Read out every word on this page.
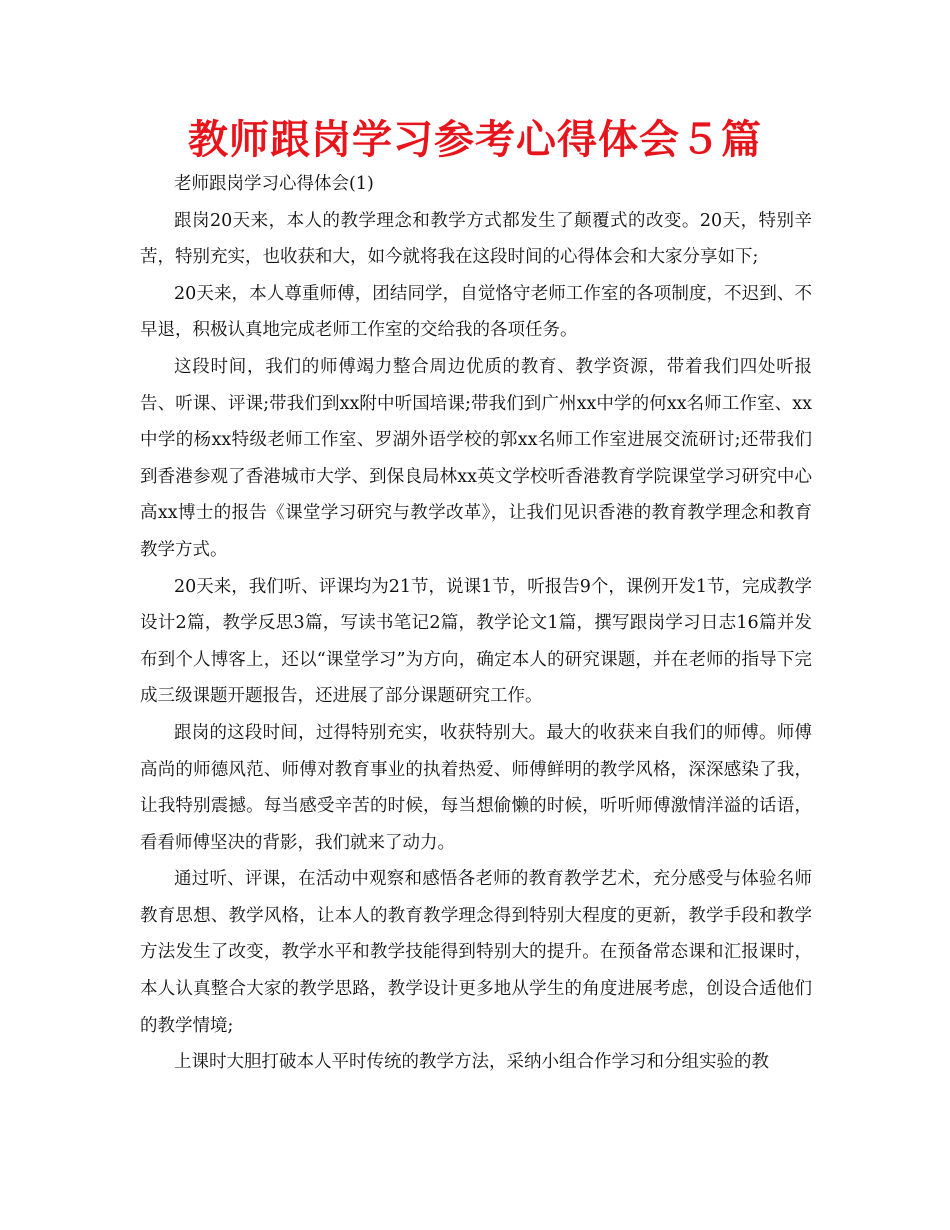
教师跟岗学习参考心得体会５篇

老师跟岗学习心得体会(1)

跟岗20天来，本人的教学理念和教学方式都发生了颠覆式的改变。20天，特别辛苦，特别充实，也收获和大，如今就将我在这段时间的心得体会和大家分享如下;

20天来，本人尊重师傅，团结同学，自觉恪守老师工作室的各项制度，不迟到、不早退，积极认真地完成老师工作室的交给我的各项任务。

这段时间，我们的师傅竭力整合周边优质的教育、教学资源，带着我们四处听报告、听课、评课;带我们到xx附中听国培课;带我们到广州xx中学的何xx名师工作室、xx中学的杨xx特级老师工作室、罗湖外语学校的郭xx名师工作室进展交流研讨;还带我们到香港参观了香港城市大学、到保良局林xx英文学校听香港教育学院课堂学习研究中心高xx博士的报告《课堂学习研究与教学改革》，让我们见识香港的教育教学理念和教育教学方式。

20天来，我们听、评课均为21节，说课1节，听报告9个，课例开发1节，完成教学设计2篇，教学反思3篇，写读书笔记2篇，教学论文1篇，撰写跟岗学习日志16篇并发布到个人博客上，还以“课堂学习”为方向，确定本人的研究课题，并在老师的指导下完成三级课题开题报告，还进展了部分课题研究工作。

跟岗的这段时间，过得特别充实，收获特别大。最大的收获来自我们的师傅。师傅高尚的师德风范、师傅对教育事业的执着热爱、师傅鲜明的教学风格，深深感染了我，让我特别震撼。每当感受辛苦的时候，每当想偷懒的时候，听听师傅激情洋溢的话语，看看师傅坚决的背影，我们就来了动力。

通过听、评课，在活动中观察和感悟各老师的教育教学艺术，充分感受与体验名师教育思想、教学风格，让本人的教育教学理念得到特别大程度的更新，教学手段和教学方法发生了改变，教学水平和教学技能得到特别大的提升。在预备常态课和汇报课时，本人认真整合大家的教学思路，教学设计更多地从学生的角度进展考虑，创设合适他们的教学情境;

上课时大胆打破本人平时传统的教学方法，采纳小组合作学习和分组实验的教
